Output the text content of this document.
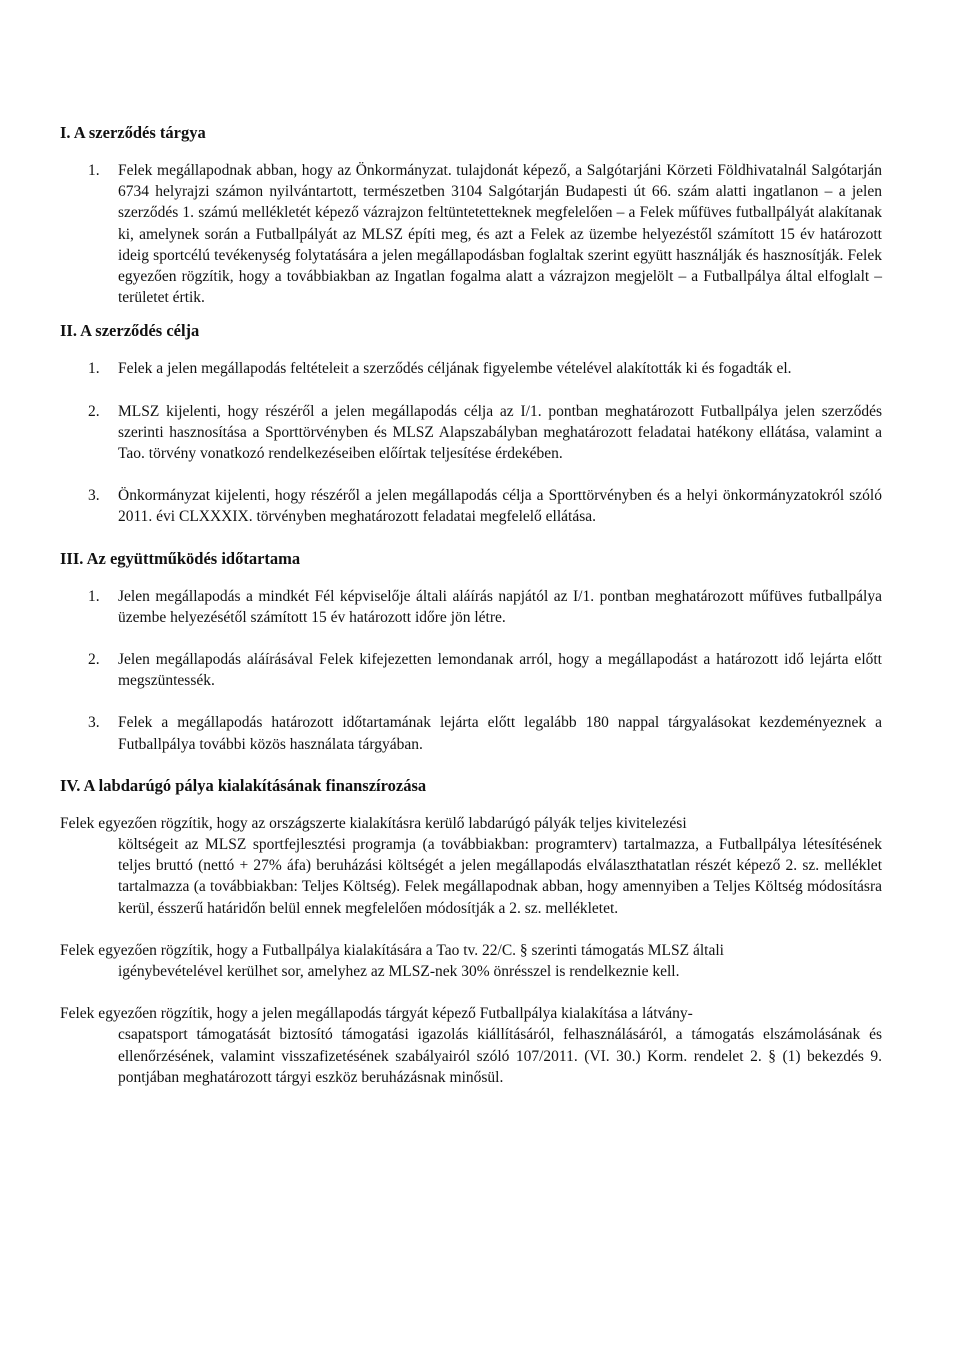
I. A szerződés tárgya
1.	Felek megállapodnak abban, hogy az Önkormányzat. tulajdonát képező, a Salgótarjáni Körzeti Földhivatalnál Salgótarján 6734 helyrajzi számon nyilvántartott, természetben 3104 Salgótarján Budapesti út 66. szám alatti ingatlanon – a jelen szerződés 1. számú mellékletét képező vázrajzon feltüntetetteknek megfelelően – a Felek műfüves futballpályát alakítanak ki, amelynek során a Futballpályát az MLSZ építi meg, és azt a Felek az üzembe helyezéstől számított 15 év határozott ideig sportcélú tevékenység folytatására a jelen megállapodásban foglaltak szerint együtt használják és hasznosítják. Felek egyezően rögzítik, hogy a továbbiakban az Ingatlan fogalma alatt a vázrajzon megjelölt – a Futballpálya által elfoglalt – területet értik.
II. A szerződés célja
1.	Felek a jelen megállapodás feltételeit a szerződés céljának figyelembe vételével alakították ki és fogadták el.
2.	MLSZ kijelenti, hogy részéről a jelen megállapodás célja az I/1. pontban meghatározott Futballpálya jelen szerződés szerinti hasznosítása a Sporttörvényben és MLSZ Alapszabályban meghatározott feladatai hatékony ellátása, valamint a Tao. törvény vonatkozó rendelkezéseiben előírtak teljesítése érdekében.
3.	Önkormányzat kijelenti, hogy részéről a jelen megállapodás célja a Sporttörvényben és a helyi önkormányzatokról szóló 2011. évi CLXXXIX. törvényben meghatározott feladatai megfelelő ellátása.
III. Az együttműködés időtartama
1.	Jelen megállapodás a mindkét Fél képviselője általi aláírás napjától az I/1. pontban meghatározott műfüves futballpálya üzembe helyezésétől számított 15 év határozott időre jön létre.
2.	Jelen megállapodás aláírásával Felek kifejezetten lemondanak arról, hogy a megállapodást a határozott idő lejárta előtt megszüntessék.
3.	Felek a megállapodás határozott időtartamának lejárta előtt legalább 180 nappal tárgyalásokat kezdeményeznek a Futballpálya további közös használata tárgyában.
IV. A labdarúgó pálya kialakításának finanszírozása

Felek egyezően rögzítik, hogy az országszerte kialakításra kerülő labdarúgó pályák teljes kivitelezési
költségeit az MLSZ sportfejlesztési programja (a továbbiakban: programterv) tartalmazza, a Futballpálya létesítésének teljes bruttó (nettó + 27% áfa) beruházási költségét a jelen megállapodás elválaszthatatlan részét képező 2. sz. melléklet tartalmazza (a továbbiakban: Teljes Költség). Felek megállapodnak abban, hogy amennyiben a Teljes Költség módosításra kerül, ésszerű határidőn belül ennek megfelelően módosítják a 2. sz. mellékletet.

Felek egyezően rögzítik, hogy a Futballpálya kialakítására a Tao tv. 22/C. § szerinti támogatás MLSZ általi
igénybevételével kerülhet sor, amelyhez az MLSZ-nek 30% önrésszel is rendelkeznie kell.

Felek egyezően rögzítik, hogy a jelen megállapodás tárgyát képező Futballpálya kialakítása a látvány-
csapatsport támogatását biztosító támogatási igazolás kiállításáról, felhasználásáról, a támogatás elszámolásának és ellenőrzésének, valamint visszafizetésének szabályairól szóló 107/2011. (VI. 30.) Korm. rendelet 2. § (1) bekezdés 9. pontjában meghatározott tárgyi eszköz beruházásnak minősül.
